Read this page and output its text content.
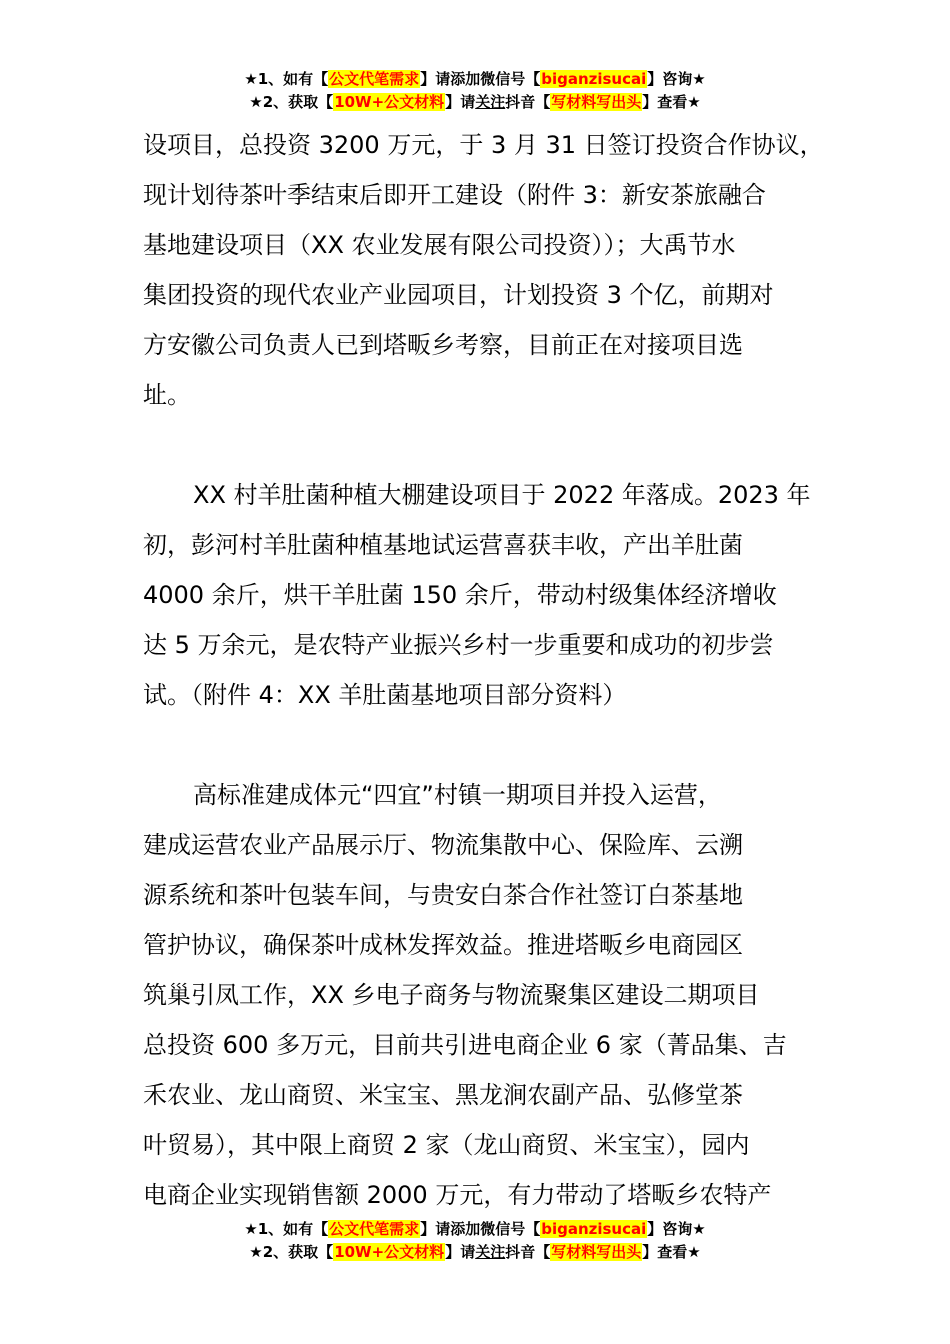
★1、如有【公文代笔需求】请添加微信号【biganzisucai】咨询★
★2、获取【10W+公文材料】请关注抖音【写材料写出头】查看★
设项目，总投资 3200 万元，于 3 月 31 日签订投资合作协议，
现计划待茶叶季结束后即开工建设（附件 3：新安茶旅融合
基地建设项目（XX 农业发展有限公司投资））；大禹节水
集团投资的现代农业产业园项目，计划投资 3 个亿，前期对
方安徽公司负责人已到塔畈乡考察，目前正在对接项目选
址。
XX 村羊肚菌种植大棚建设项目于 2022 年落成。2023 年
初，彭河村羊肚菌种植基地试运营喜获丰收，产出羊肚菌
4000 余斤，烘干羊肚菌 150 余斤，带动村级集体经济增收
达 5 万余元，是农特产业振兴乡村一步重要和成功的初步尝
试。（附件 4：XX 羊肚菌基地项目部分资料）
高标准建成体元“四宜”村镇一期项目并投入运营，
建成运营农业产品展示厅、物流集散中心、保险库、云溯
源系统和茶叶包装车间，与贵安白茶合作社签订白茶基地
管护协议，确保茶叶成林发挥效益。推进塔畈乡电商园区
筑巢引凤工作，XX 乡电子商务与物流聚集区建设二期项目
总投资 600 多万元，目前共引进电商企业 6 家（菁品集、吉
禾农业、龙山商贸、米宝宝、黑龙涧农副产品、弘修堂茶
叶贸易），其中限上商贸 2 家（龙山商贸、米宝宝），园内
电商企业实现销售额 2000 万元，有力带动了塔畈乡农特产
★1、如有【公文代笔需求】请添加微信号【biganzisucai】咨询★
★2、获取【10W+公文材料】请关注抖音【写材料写出头】查看★
